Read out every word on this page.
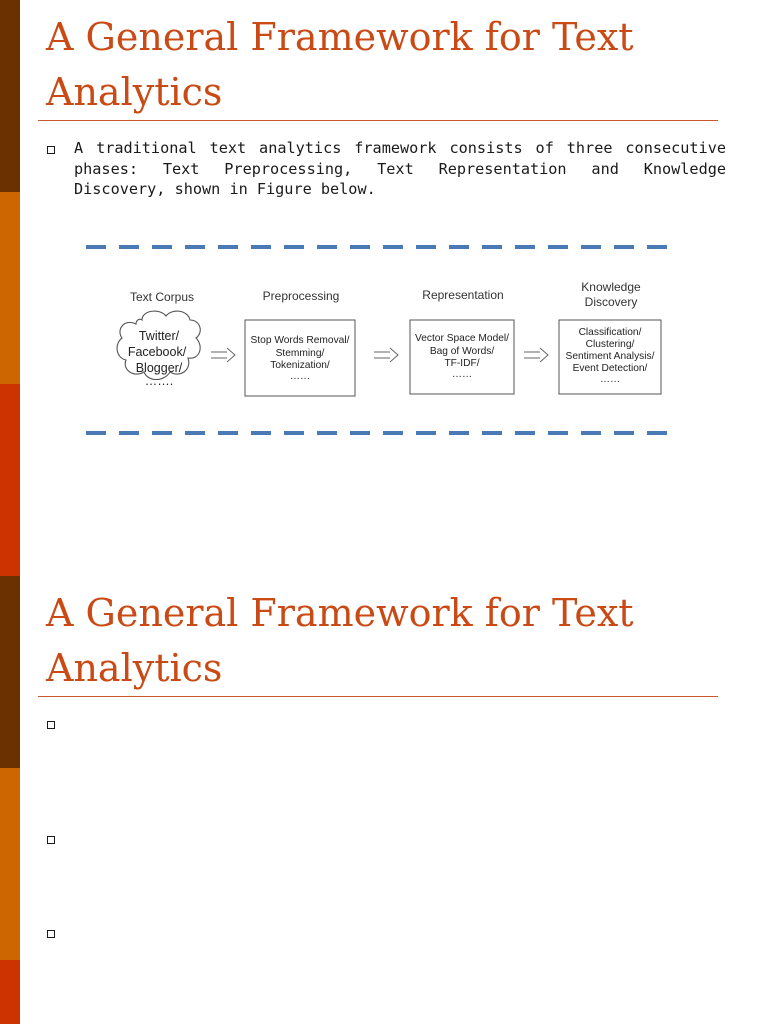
A General Framework for Text
Analytics

A traditional text analytics framework consists of three consecutive phases: Text Preprocessing, Text Representation and Knowledge Discovery, shown in Figure below.

Text Corpus	Preprocessing	Representation
Knowledge
Discovery
Twitter/
Facebook/
Blogger/
…….
Stop Words Removal/
Stemming/
Tokenization/
……
Vector Space Model/
Bag of Words/
TF-IDF/
……
Classification/
Clustering/
Sentiment Analysis/
Event Detection/
……
A General Framework for Text
Analytics
